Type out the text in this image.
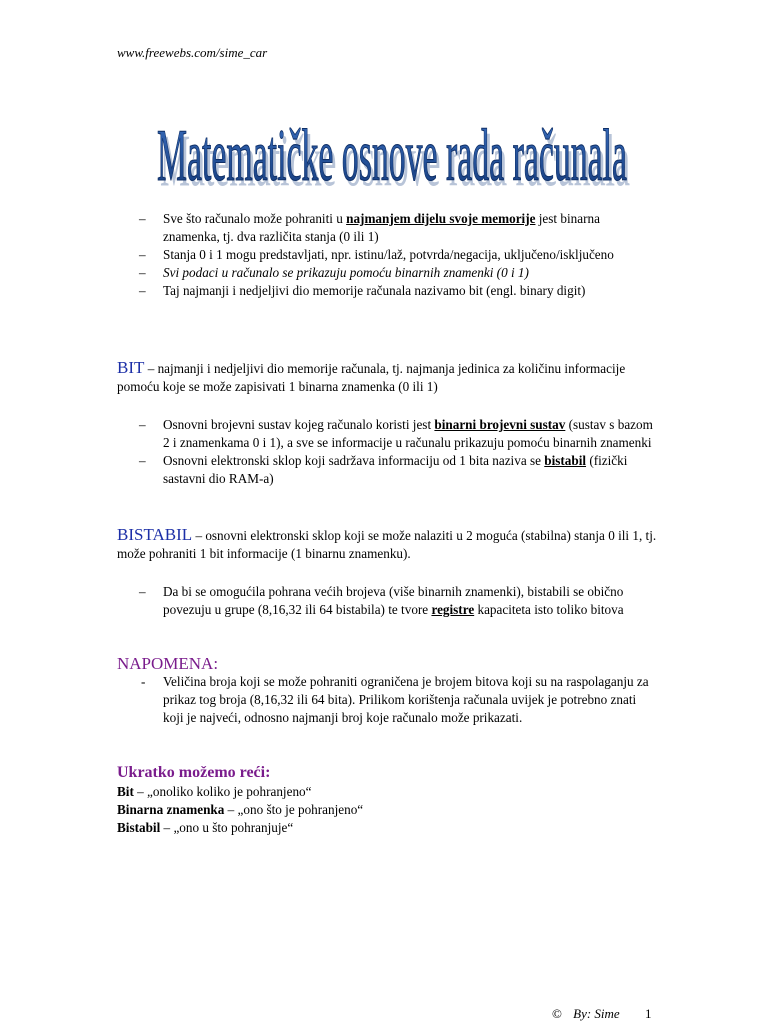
www.freewebs.com/sime_car
Matematičke osnove rada računala
Matematičke osnove rada računala
– Sve što računalo može pohraniti u najmanjem dijelu svoje memorije jest binarna znamenka, tj. dva različita stanja (0 ili 1)
– Stanja 0 i 1 mogu predstavljati, npr. istinu/laž, potvrda/negacija, uključeno/isključeno
– Svi podaci u računalo se prikazuju pomoću binarnih znamenki (0 i 1)
– Taj najmanji i nedjeljivi dio memorije računala nazivamo bit (engl. binary digit)
BIT – najmanji i nedjeljivi dio memorije računala, tj. najmanja jedinica za količinu informacije pomoću koje se može zapisivati 1 binarna znamenka (0 ili 1)
– Osnovni brojevni sustav kojeg računalo koristi jest binarni brojevni sustav (sustav s bazom 2 i znamenkama 0 i 1), a sve se informacije u računalu prikazuju pomoću binarnih znamenki
– Osnovni elektronski sklop koji sadržava informaciju od 1 bita naziva se bistabil (fizički sastavni dio RAM-a)
BISTABIL – osnovni elektronski sklop koji se može nalaziti u 2 moguća (stabilna) stanja 0 ili 1, tj. može pohraniti 1 bit informacije (1 binarnu znamenku).
– Da bi se omogućila pohrana većih brojeva (više binarnih znamenki), bistabili se obično povezuju u grupe (8,16,32 ili 64 bistabila) te tvore registre kapaciteta isto toliko bitova
NAPOMENA:
- Veličina broja koji se može pohraniti ograničena je brojem bitova koji su na raspolaganju za prikaz tog broja (8,16,32 ili 64 bita). Prilikom korištenja računala uvijek je potrebno znati koji je najveći, odnosno najmanji broj koje računalo može prikazati.
Ukratko možemo reći:
Bit – „onoliko koliko je pohranjeno“
Binarna znamenka – „ono što je pohranjeno“
Bistabil – „ono u što pohranjuje“
© By: Sime 1
